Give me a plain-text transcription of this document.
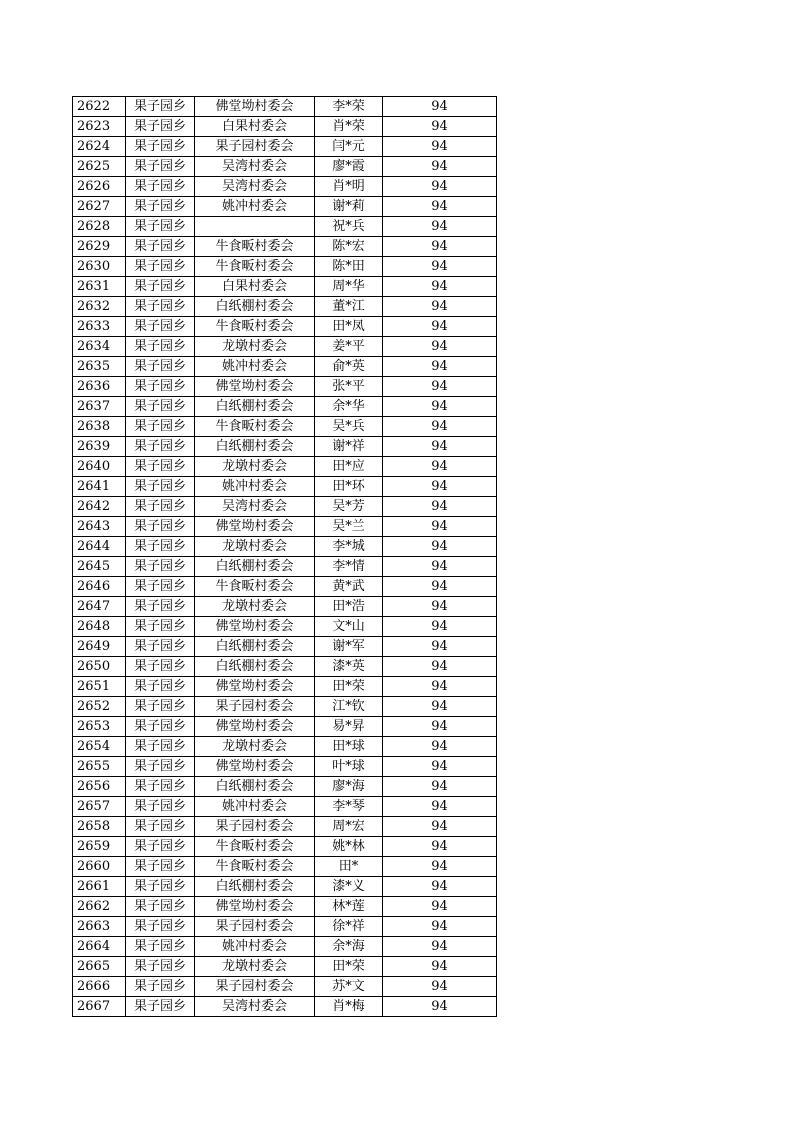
2622	果子园乡	佛堂坳村委会	李*荣	94
2623	果子园乡	白果村委会	肖*荣	94
2624	果子园乡	果子园村委会	闫*元	94
2625	果子园乡	吴湾村委会	廖*霞	94
2626	果子园乡	吴湾村委会	肖*明	94
2627	果子园乡	姚冲村委会	谢*莉	94
2628	果子园乡		祝*兵	94
2629	果子园乡	牛食畈村委会	陈*宏	94
2630	果子园乡	牛食畈村委会	陈*田	94
2631	果子园乡	白果村委会	周*华	94
2632	果子园乡	白纸棚村委会	董*江	94
2633	果子园乡	牛食畈村委会	田*凤	94
2634	果子园乡	龙墩村委会	姜*平	94
2635	果子园乡	姚冲村委会	俞*英	94
2636	果子园乡	佛堂坳村委会	张*平	94
2637	果子园乡	白纸棚村委会	余*华	94
2638	果子园乡	牛食畈村委会	吴*兵	94
2639	果子园乡	白纸棚村委会	谢*祥	94
2640	果子园乡	龙墩村委会	田*应	94
2641	果子园乡	姚冲村委会	田*环	94
2642	果子园乡	吴湾村委会	吴*芳	94
2643	果子园乡	佛堂坳村委会	吴*兰	94
2644	果子园乡	龙墩村委会	李*城	94
2645	果子园乡	白纸棚村委会	李*情	94
2646	果子园乡	牛食畈村委会	黄*武	94
2647	果子园乡	龙墩村委会	田*浩	94
2648	果子园乡	佛堂坳村委会	文*山	94
2649	果子园乡	白纸棚村委会	谢*军	94
2650	果子园乡	白纸棚村委会	漆*英	94
2651	果子园乡	佛堂坳村委会	田*荣	94
2652	果子园乡	果子园村委会	江*钦	94
2653	果子园乡	佛堂坳村委会	易*昇	94
2654	果子园乡	龙墩村委会	田*球	94
2655	果子园乡	佛堂坳村委会	叶*球	94
2656	果子园乡	白纸棚村委会	廖*海	94
2657	果子园乡	姚冲村委会	李*琴	94
2658	果子园乡	果子园村委会	周*宏	94
2659	果子园乡	牛食畈村委会	姚*林	94
2660	果子园乡	牛食畈村委会	田*	94
2661	果子园乡	白纸棚村委会	漆*义	94
2662	果子园乡	佛堂坳村委会	林*莲	94
2663	果子园乡	果子园村委会	徐*祥	94
2664	果子园乡	姚冲村委会	余*海	94
2665	果子园乡	龙墩村委会	田*荣	94
2666	果子园乡	果子园村委会	苏*文	94
2667	果子园乡	吴湾村委会	肖*梅	94
